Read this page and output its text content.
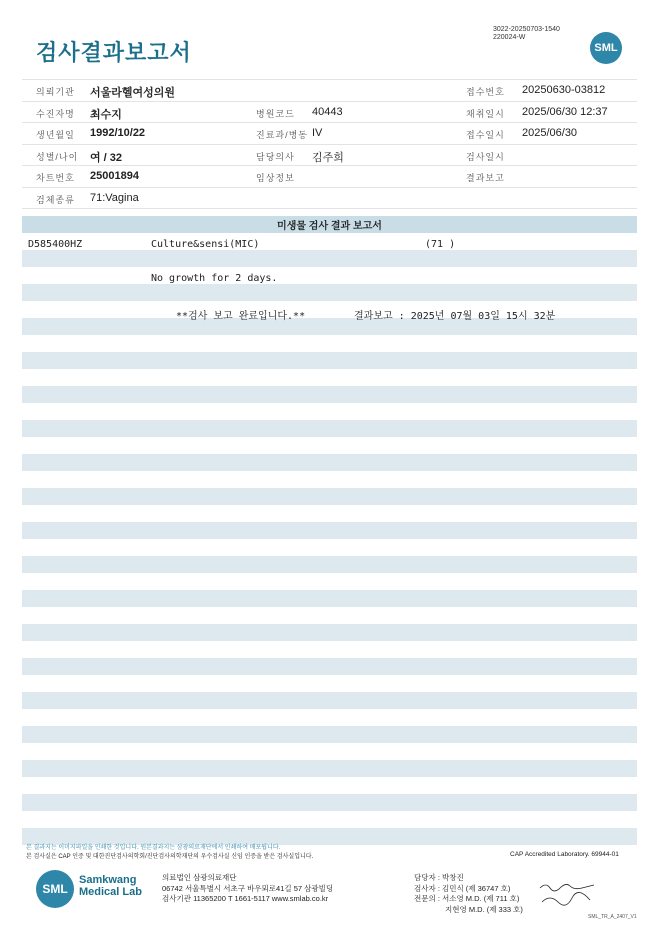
검사결과보고서
3022-20250703-1540
220024-W
SML
의뢰기관 서울라헬여성의원	접수번호 20250630-03812
수진자명 최수지	병원코드 40443	채취일시 2025/06/30 12:37
생년월일 1992/10/22	진료과/병동 IV	접수일시 2025/06/30
성별/나이 여 / 32	담당의사 김주희	검사일시
차트번호 25001894	임상정보	결과보고
검체종류 71:Vagina
미생물 검사 결과 보고서
D585400HZ	Culture&sensi(MIC)	(71 )
No growth for 2 days.
**검사 보고 완료입니다.**	결과보고 : 2025년 07월 03일 15시 32분
본 결과지는 이미지파일을 인쇄한 것입니다. 원본결과지는 삼광의료재단에서 인쇄하여 배포됩니다.
본 검사실은 CAP 인증 및 대한진단검사의학회/진단검사의학재단의 우수검사실 신임 인증을 받은 검사실입니다.	CAP Accredited Laboratory. 69944-01
SML
Samkwang
Medical Lab
의료법인 삼광의료재단
06742 서울특별시 서초구 바우뫼로41길 57 삼광빌딩
검사기관 11365200 T 1661-5117 www.smlab.co.kr
담당자 : 박창진
검사자 : 김민식 (제 36747 호)
전문의 : 서소영 M.D. (제 711 호)
지현영 M.D. (제 333 호)
SML_TR_A_2407_V1
